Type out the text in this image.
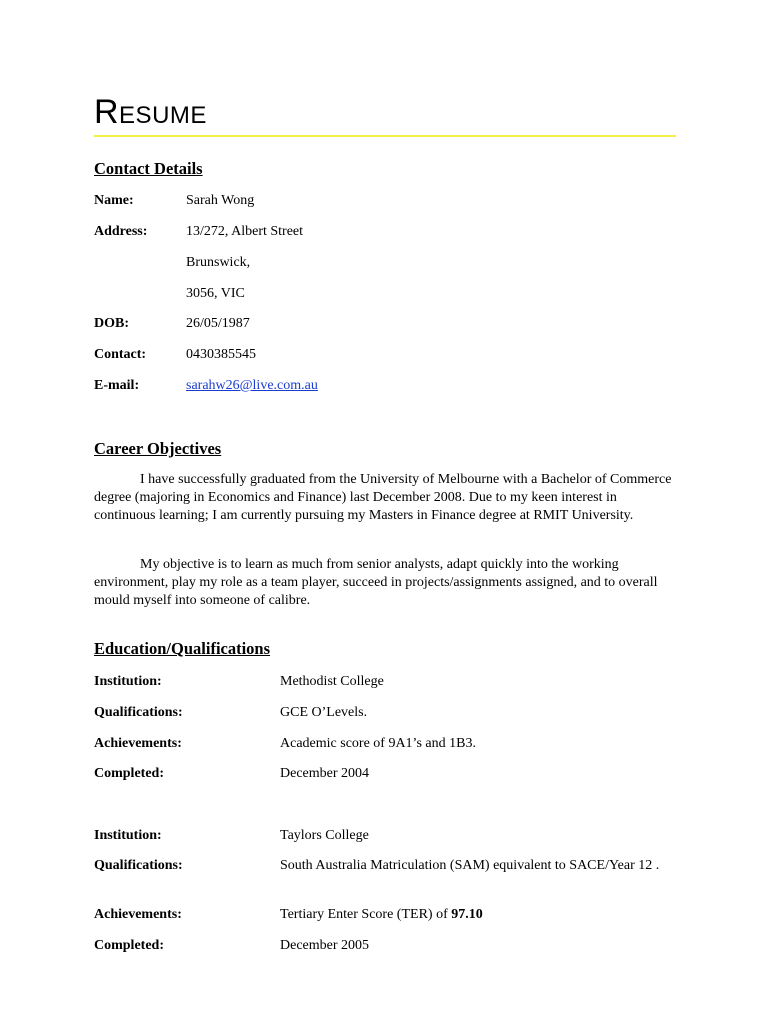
Resume
Contact Details
Name:	Sarah Wong
Address:	13/272, Albert Street
Brunswick,
3056, VIC
DOB:	26/05/1987
Contact:	0430385545
E-mail:	sarahw26@live.com.au
Career Objectives

I have successfully graduated from the University of Melbourne with a Bachelor of Commerce degree (majoring in Economics and Finance) last December 2008. Due to my keen interest in continuous learning; I am currently pursuing my Masters in Finance degree at RMIT University.

My objective is to learn as much from senior analysts, adapt quickly into the working environment, play my role as a team player, succeed in projects/assignments assigned, and to overall mould myself into someone of calibre.

Education/Qualifications
Institution:	Methodist College
Qualifications:	GCE O’Levels.
Achievements:	Academic score of 9A1’s and 1B3.
Completed:	December 2004
Institution:	Taylors College
Qualifications:	South Australia Matriculation (SAM) equivalent to SACE/Year 12 .
Achievements:	Tertiary Enter Score (TER) of 97.10
Completed:	December 2005
